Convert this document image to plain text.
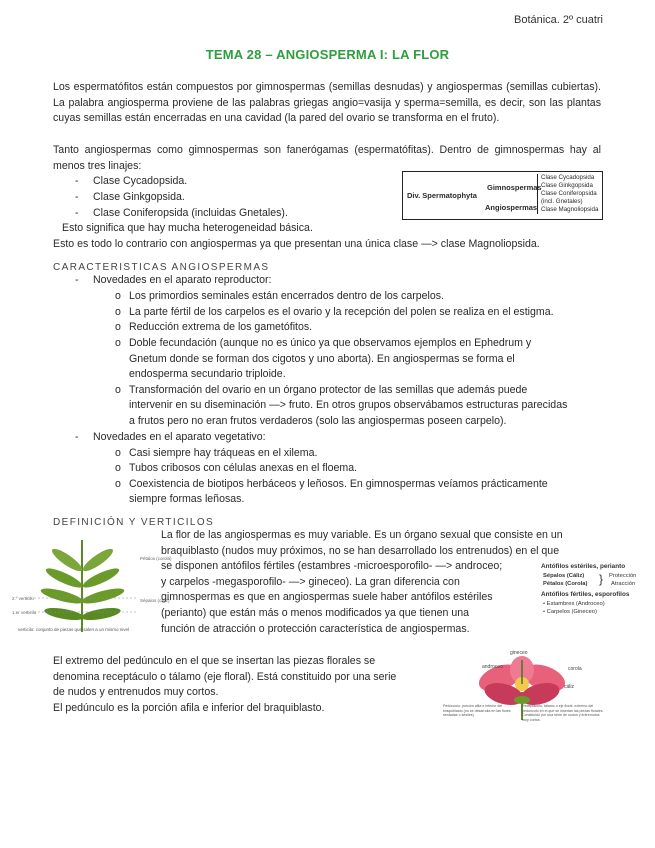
Botánica. 2º cuatri
TEMA 28 – ANGIOSPERMA I: LA FLOR
Los espermatófitos están compuestos por gimnospermas (semillas desnudas) y angiospermas (semillas cubiertas). La palabra angiosperma proviene de las palabras griegas angio=vasija y sperma=semilla, es decir, son las plantas cuyas semillas están encerradas en una cavidad (la pared del ovario se transforma en el fruto).
Tanto angiospermas como gimnospermas son fanerógamas (espermatófitas). Dentro de gimnospermas hay al menos tres linajes:
- Clase Cycadopsida.
- Clase Ginkgopsida.
- Clase Coniferopsida (incluidas Gnetales).
Esto significa que hay mucha heterogeneidad básica.
Esto es todo lo contrario con angiospermas ya que presentan una única clase —> clase Magnoliopsida.
Div. Spermatophyta
Gimnospermas
Angiospermas
Clase Cycadopsida
Clase Ginkgopsida
Clase Coniferopsida (incl. Gnetales)
Clase Magnoliopsida
CARACTERISTICAS ANGIOSPERMAS
- Novedades en el aparato reproductor:
o Los primordios seminales están encerrados dentro de los carpelos.
o La parte fértil de los carpelos es el ovario y la recepción del polen se realiza en el estigma.
o Reducción extrema de los gametófitos.
o Doble fecundación (aunque no es único ya que observamos ejemplos en Ephedrum y
Gnetum donde se forman dos cigotos y uno aborta). En angiospermas se forma el
endosperma secundario triploide.
o Transformación del ovario en un órgano protector de las semillas que además puede
intervenir en su diseminación —> fruto. En otros grupos observábamos estructuras parecidas
a frutos pero no eran frutos verdaderos (solo las angiospermas poseen carpelo).
- Novedades en el aparato vegetativo:
o Casi siempre hay tráqueas en el xilema.
o Tubos cribosos con células anexas en el floema.
o Coexistencia de biotipos herbáceos y leñosos. En gimnospermas veíamos prácticamente
siempre formas leñosas.
DEFINICIÓN Y VERTICILOS
La flor de las angiospermas es muy variable. Es un órgano sexual que consiste en un
braquiblasto (nudos muy próximos, no se han desarrollado los entrenudos) en el que
se disponen antófilos fértiles (estambres -microesporofilo- —> androceo;
y carpelos -megasporofilo- —> gineceo). La gran diferencia con
gimnospermas es que en angiospermas suele haber antófilos estériles
(perianto) que están más o menos modificados ya que tienen una
función de atracción o protección característica de angiospermas.
Pétalos (corola)
Sépalos (cáliz)
2.º verticilo
1.er verticilo
verticilo: conjunto de piezas que salen a un mismo nivel
Antófilos estériles, perianto
Sépalos (Cáliz)
Pétalos (Corola) } Protección
Atracción
Antófilos fértiles, esporofilos
• Estambres (Androceo)
• Carpelos (Gineceo)
El extremo del pedúnculo en el que se insertan las piezas florales se
denomina receptáculo o tálamo (eje floral). Está constituido por una serie
de nudos y entrenudos muy cortos.
El pedúnculo es la porción afila e inferior del braquiblasto.
gineceo
androceo	corola
cáliz
Pedúnculo: porción afila e inferior del braquiblasto (no se desarrolla en las flores sentadas o sésiles)
Receptáculo, tálamo o eje floral: extremo del pedúnculo en el que se insertan las piezas florales. Constituido por una serie de nudos y entrenudos muy cortos.
